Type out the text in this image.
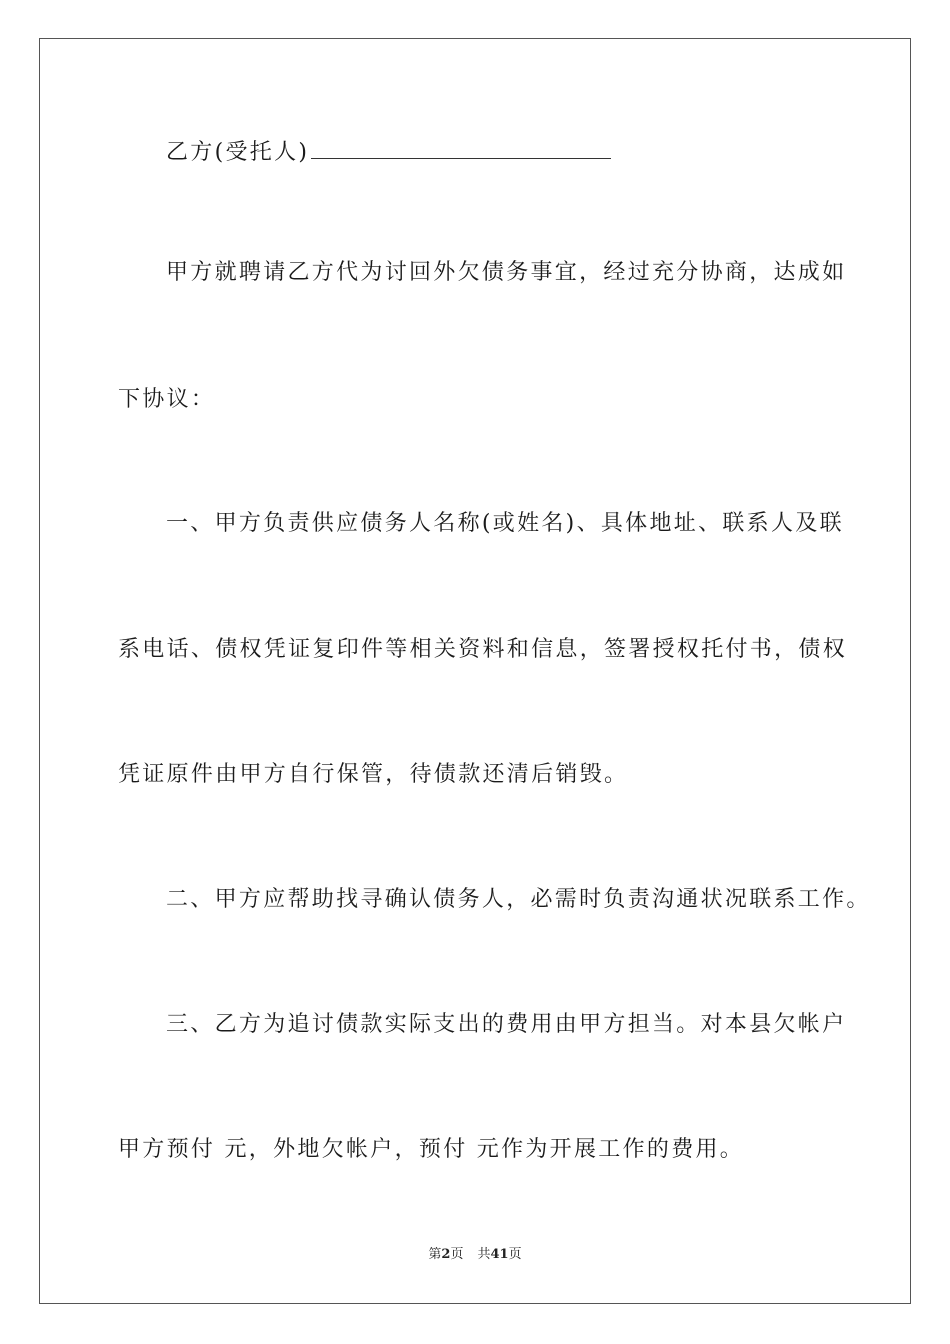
乙方(受托人)
甲方就聘请乙方代为讨回外欠债务事宜，经过充分协商，达成如
下协议：
一、甲方负责供应债务人名称(或姓名)、具体地址、联系人及联
系电话、债权凭证复印件等相关资料和信息，签署授权托付书，债权
凭证原件由甲方自行保管，待债款还清后销毁。
二、甲方应帮助找寻确认债务人，必需时负责沟通状况联系工作。
三、乙方为追讨债款实际支出的费用由甲方担当。对本县欠帐户
甲方预付 元，外地欠帐户，预付 元作为开展工作的费用。
第2页 共41页
